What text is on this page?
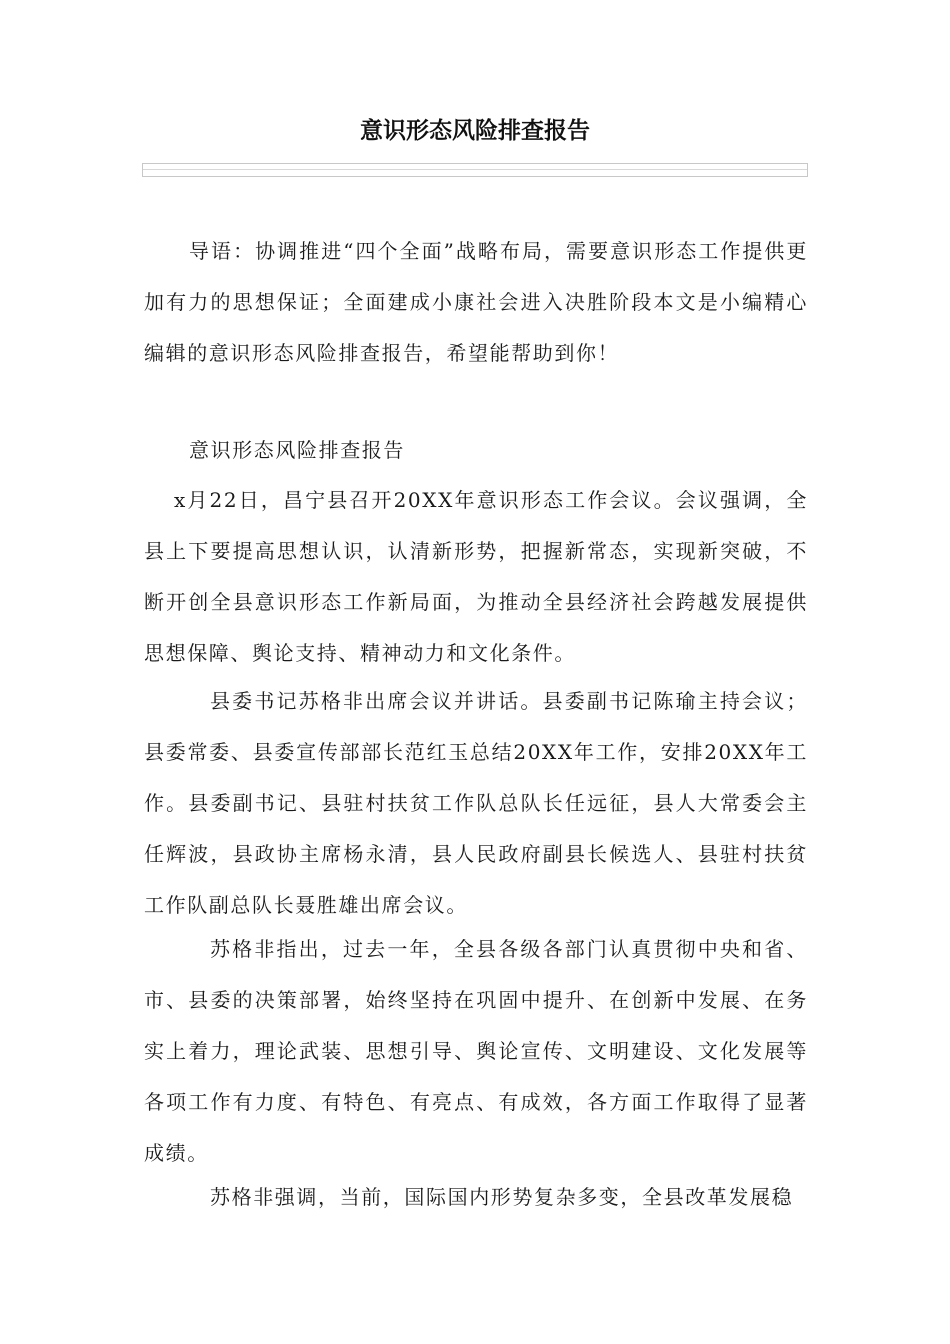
意识形态风险排查报告
导语：协调推进“四个全面”战略布局，需要意识形态工作提供更加有力的思想保证；全面建成小康社会进入决胜阶段本文是小编精心编辑的意识形态风险排查报告，希望能帮助到你！
意识形态风险排查报告
x月22日，昌宁县召开20XX年意识形态工作会议。会议强调，全县上下要提高思想认识，认清新形势，把握新常态，实现新突破，不断开创全县意识形态工作新局面，为推动全县经济社会跨越发展提供思想保障、舆论支持、精神动力和文化条件。
县委书记苏格非出席会议并讲话。县委副书记陈瑜主持会议；县委常委、县委宣传部部长范红玉总结20XX年工作，安排20XX年工作。县委副书记、县驻村扶贫工作队总队长任远征，县人大常委会主任辉波，县政协主席杨永清，县人民政府副县长候选人、县驻村扶贫工作队副总队长聂胜雄出席会议。
苏格非指出，过去一年，全县各级各部门认真贯彻中央和省、市、县委的决策部署，始终坚持在巩固中提升、在创新中发展、在务实上着力，理论武装、思想引导、舆论宣传、文明建设、文化发展等各项工作有力度、有特色、有亮点、有成效，各方面工作取得了显著成绩。
苏格非强调，当前，国际国内形势复杂多变，全县改革发展稳
